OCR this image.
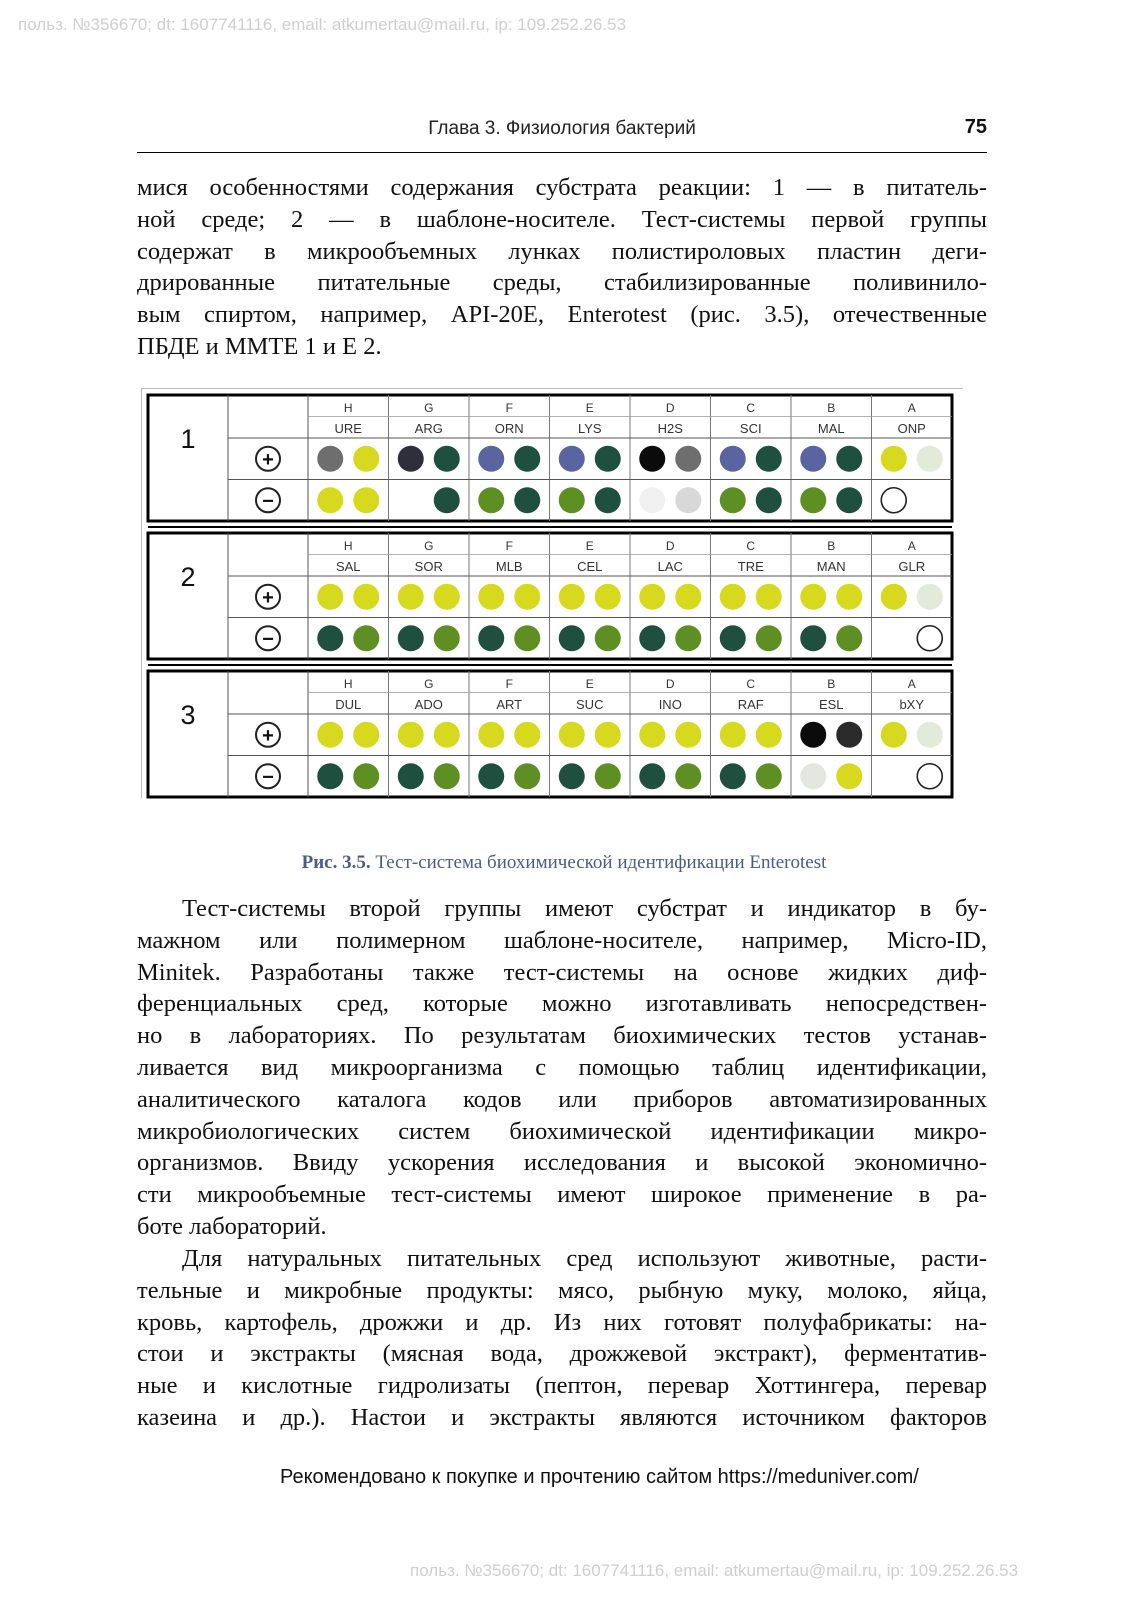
польз. №356670; dt: 1607741116, email: atkumertau@mail.ru, ip: 109.252.26.53
Глава 3. Физиология бактерий	75
мися особенностями содержания субстрата реакции: 1 — в питатель-
ной среде; 2 — в шаблоне-носителе. Тест-системы первой группы
содержат в микрообъемных лунках полистироловых пластин деги-
дрированные питательные среды, стабилизированные поливинило-
вым спиртом, например, API-20E, Enterotest (рис. 3.5), отечественные
ПБДЕ и ММТЕ 1 и Е 2.
1
H
URE
G
ARG
F
ORN
E
LYS
D
H2S
C
SCI
B
MAL
A
ONP
+
−
2
H
SAL
G
SOR
F
MLB
E
CEL
D
LAC
C
TRE
B
MAN
A
GLR
+
−
3
H
DUL
G
ADO
F
ART
E
SUC
D
INO
C
RAF
B
ESL
A
bXY
+
−
Рис. 3.5. Тест-система биохимической идентификации Enterotest
Тест-системы второй группы имеют субстрат и индикатор в бу-
мажном или полимерном шаблоне-носителе, например, Micro-ID,
Minitek. Разработаны также тест-системы на основе жидких диф-
ференциальных сред, которые можно изготавливать непосредствен-
но в лабораториях. По результатам биохимических тестов устанав-
ливается вид микроорганизма с помощью таблиц идентификации,
аналитического каталога кодов или приборов автоматизированных
микробиологических систем биохимической идентификации микро-
организмов. Ввиду ускорения исследования и высокой экономично-
сти микрообъемные тест-системы имеют широкое применение в ра-
боте лабораторий.
Для натуральных питательных сред используют животные, расти-
тельные и микробные продукты: мясо, рыбную муку, молоко, яйца,
кровь, картофель, дрожжи и др. Из них готовят полуфабрикаты: на-
стои и экстракты (мясная вода, дрожжевой экстракт), ферментатив-
ные и кислотные гидролизаты (пептон, перевар Хоттингера, перевар
казеина и др.). Настои и экстракты являются источником факторов
Рекомендовано к покупке и прочтению сайтом https://meduniver.com/
польз. №356670; dt: 1607741116, email: atkumertau@mail.ru, ip: 109.252.26.53
